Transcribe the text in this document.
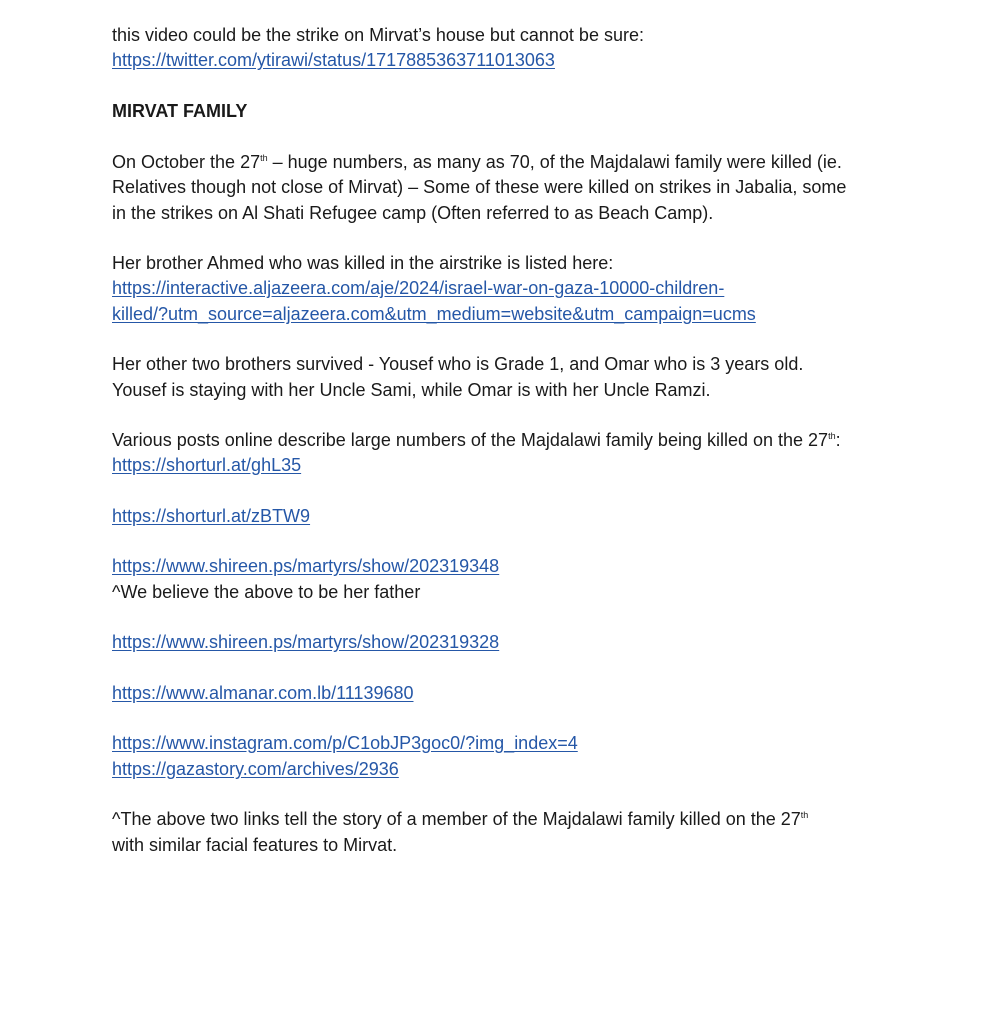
this video could be the strike on Mirvat’s house but cannot be sure:
https://twitter.com/ytirawi/status/1717885363711013063
MIRVAT FAMILY
On October the 27th – huge numbers, as many as 70, of the Majdalawi family were killed (ie.
Relatives though not close of Mirvat) – Some of these were killed on strikes in Jabalia, some
in the strikes on Al Shati Refugee camp (Often referred to as Beach Camp).
Her brother Ahmed who was killed in the airstrike is listed here:
https://interactive.aljazeera.com/aje/2024/israel-war-on-gaza-10000-children-
killed/?utm_source=aljazeera.com&utm_medium=website&utm_campaign=ucms
Her other two brothers survived - Yousef who is Grade 1, and Omar who is 3 years old.
Yousef is staying with her Uncle Sami, while Omar is with her Uncle Ramzi.
Various posts online describe large numbers of the Majdalawi family being killed on the 27th:
https://shorturl.at/ghL35
https://shorturl.at/zBTW9
https://www.shireen.ps/martyrs/show/202319348
^We believe the above to be her father
https://www.shireen.ps/martyrs/show/202319328
https://www.almanar.com.lb/11139680
https://www.instagram.com/p/C1obJP3goc0/?img_index=4
https://gazastory.com/archives/2936
^The above two links tell the story of a member of the Majdalawi family killed on the 27th
with similar facial features to Mirvat.
